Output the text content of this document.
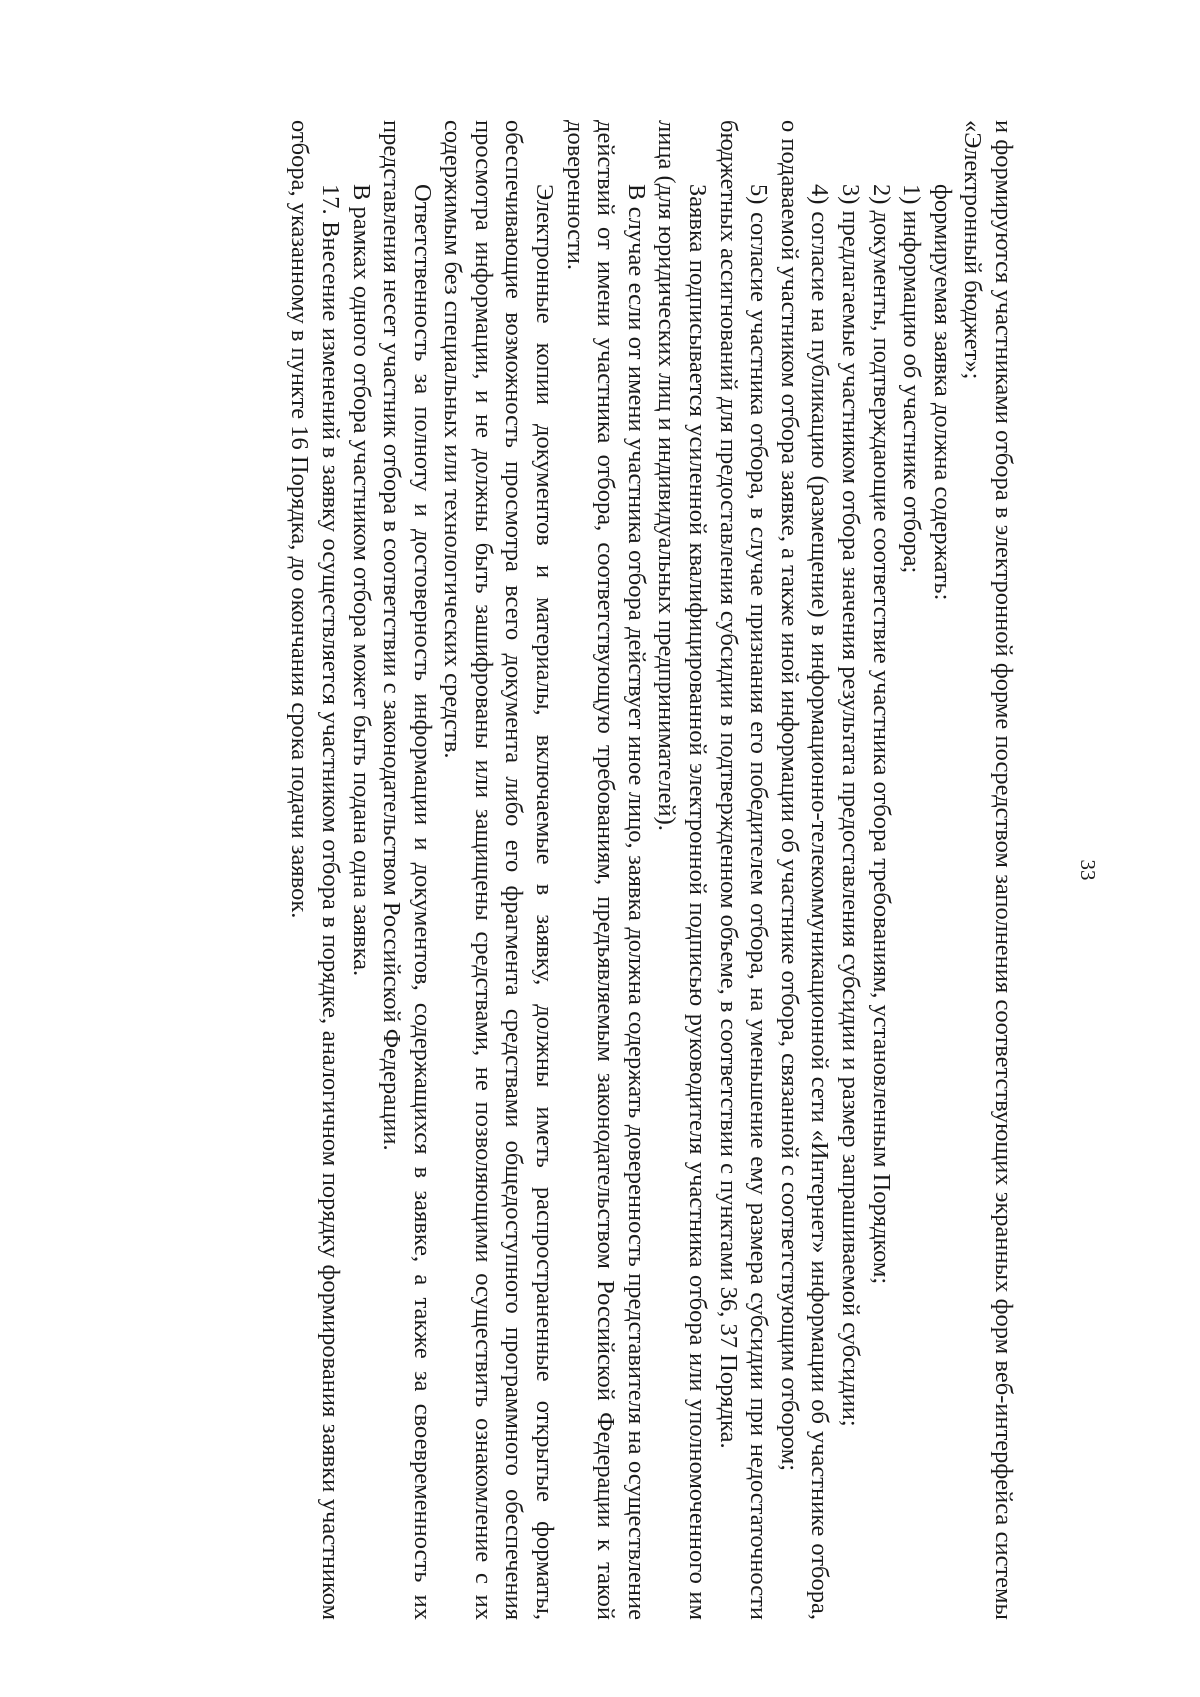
33

и формируются участниками отбора в электронной форме посредством заполнения соответствующих экранных форм веб-интерфейса системы «Электронный бюджет»;

формируемая заявка должна содержать:

1) информацию об участнике отбора;

2) документы, подтверждающие соответствие участника отбора требованиям, установленным Порядком;

3) предлагаемые участником отбора значения результата предоставления субсидии и размер запрашиваемой субсидии;

4) согласие на публикацию (размещение) в информационно-телекоммуникационной сети «Интернет» информации об участнике отбора, о подаваемой участником отбора заявке, а также иной информации об участнике отбора, связанной с соответствующим отбором;

5) согласие участника отбора, в случае признания его победителем отбора, на уменьшение ему размера субсидии при недостаточности бюджетных ассигнований для предоставления субсидии в подтвержденном объеме, в соответствии с пунктами 36, 37 Порядка.

Заявка подписывается усиленной квалифицированной электронной подписью руководителя участника отбора или уполномоченного им лица (для юридических лиц и индивидуальных предпринимателей).

В случае если от имени участника отбора действует иное лицо, заявка должна содержать доверенность представителя на осуществление действий от имени участника отбора, соответствующую требованиям, предъявляемым законодательством Российской Федерации к такой доверенности.

Электронные копии документов и материалы, включаемые в заявку, должны иметь распространенные открытые форматы, обеспечивающие возможность просмотра всего документа либо его фрагмента средствами общедоступного программного обеспечения просмотра информации, и не должны быть зашифрованы или защищены средствами, не позволяющими осуществить ознакомление с их содержимым без специальных или технологических средств.

Ответственность за полноту и достоверность информации и документов, содержащихся в заявке, а также за своевременность их представления несет участник отбора в соответствии с законодательством Российской Федерации.

В рамках одного отбора участником отбора может быть подана одна заявка.

17. Внесение изменений в заявку осуществляется участником отбора в порядке, аналогичном порядку формирования заявки участником отбора, указанному в пункте 16 Порядка, до окончания срока подачи заявок.
